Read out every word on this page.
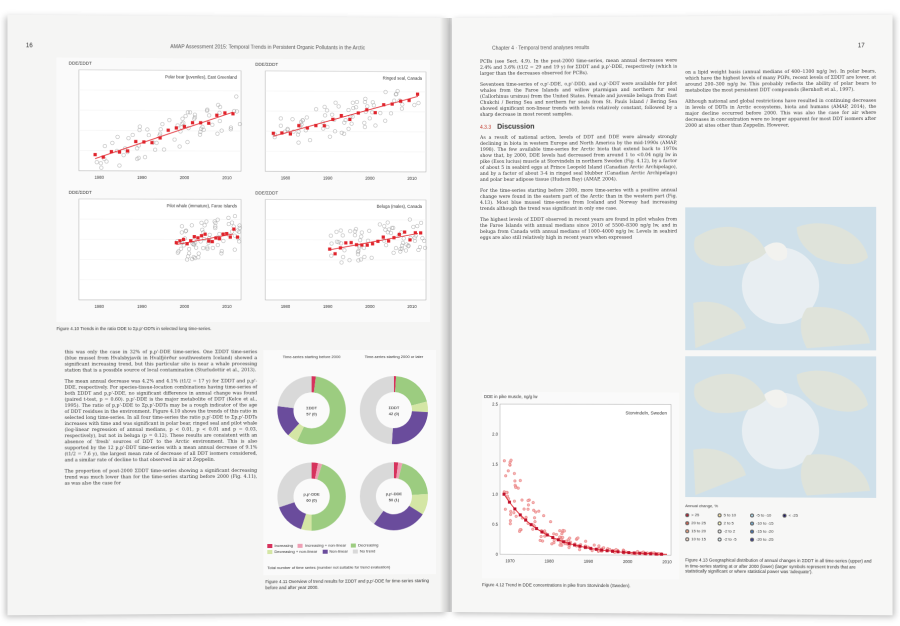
16	AMAP Assessment 2015: Temporal Trends in Persistent Organic Pollutants in the Arctic
DDE/ΣDDT
Polar bear (juveniles), East Greenland
1980	1990	2000	2010
DDE/ΣDDT
Ringed seal, Canada
1980	1990	2000	2010
DDE/ΣDDT
Pilot whale (immature), Faroe Islands
1980	1990	2000	2010
DDE/ΣDDT
Beluga (males), Canada
1980	1990	2000	2010
Figure 4.10 Trends in the ratio DDE to Σp,p'-DDTs in selected long time-series.

this was only the case in 32% of p,p'-DDE time-series. One ΣDDT time-series (blue mussel from Hvalsbyjavik in Hvalfjörður southwestern Iceland) showed a significant increasing trend, but this particular site is near a whale processing station that is a possible source of local contamination (Sturludottir et al., 2013).

The mean annual decrease was 4.2% and 4.1% (t1/2 = 17 y) for ΣDDT and p,p'-DDE, respectively. For species-tissue-location combinations having time-series of both ΣDDT and p,p'-DDE, no significant difference in annual change was found (paired t-test, p = 0.60). p,p'-DDE is the major metabolite of DDT (Kelce et al., 1995). The ratio of p,p'-DDE to Σp,p'-DDTs may be a rough indicator of the age of DDT residues in the environment. Figure 4.10 shows the trends of this ratio in selected long time-series. In all four time-series the ratio p,p'-DDE to Σp,p'-DDTs increases with time and was significant in polar bear, ringed seal and pilot whale (log-linear regression of annual medians, p < 0.01, p < 0.01 and p = 0.03, respectively), but not in beluga (p = 0.12). These results are consistent with an absence of 'fresh' sources of DDT to the Arctic environment. This is also supported by the 12 p,p'-DDT time-series with a mean annual decrease of 9.1% (t1/2 = 7.6 y), the largest mean rate of decrease of all DDT isomers considered, and a similar rate of decline to that observed in air at Zeppelin.

The proportion of post-2000 ΣDDT time-series showing a significant decreasing trend was much lower than for the time-series starting before 2000 (Fig. 4.11), as was also the case for

Time-series starting before 2000	Time-series starting 2000 or later
ΣDDT
57 (0)
ΣDDT
42 (0)
p,p'-DDE
60 (0)
p,p'-DDE
50 (1)
Increasing	Increasing + non-linear	DecreasingDecreasing + non-linear	Non-linear	No trend
Total number of time series (number not suitable for trend evaluation)
Figure 4.11 Overview of trend results for ΣDDT and p,p'-DDE for time-series starting before and after year 2000.
Chapter 4 · Temporal trend analyses results	17

PCBs (see Sect. 4.9). In the post-2000 time-series, mean annual decreases were 2.4% and 3.6% (t1/2 = 29 and 19 y) for ΣDDT and p,p'-DDE, respectively (which is larger than the decreases observed for PCBs).

Seventeen time-series of o,p'-DDE, o,p'-DDD, and o,p'-DDT were available for pilot whales from the Faroe Islands and willow ptarmigan and northern fur seal (Callorhinus ursinus) from the United States. Female and juvenile beluga from East Chukchi / Bering Sea and northern fur seals from St. Pauls Island / Bering Sea showed significant non-linear trends with levels relatively constant, followed by a sharp decrease in most recent samples.

4.3.3 Discussion

As a result of national action, levels of DDT and DDE were already strongly declining in biota in western Europe and North America by the mid-1990s (AMAP, 1998). The few available time-series for Arctic biota that extend back to 1970s show that, by 2000, DDE levels had decreased from around 1 to <0.04 ng/g lw in pike (Esox lucius) muscle at Storvindeln in northern Sweden (Fig. 4.12), by a factor of about 5 in seabird eggs at Prince Leopold Island (Canadian Arctic Archipelago), and by a factor of about 3-4 in ringed seal blubber (Canadian Arctic Archipelago) and polar bear adipose tissue (Hudson Bay) (AMAP, 2004).

For the time-series starting before 2000, more time-series with a positive annual change were found in the eastern part of the Arctic than in the western part (Fig. 4.13). Most blue mussel time-series from Iceland and Norway had increasing trends although the trend was significant in only one case.

The highest levels of ΣDDT observed in recent years are found in pilot whales from the Faroe Islands with annual medians since 2010 of 5500–8300 ng/g lw, and in beluga from Canada with annual medians of 1000–4000 ng/g lw. Levels in seabird eggs are also still relatively high in recent years when expressed

on a lipid weight basis (annual medians of 400–1300 ng/g lw). In polar bears, which have the highest levels of many POPs, recent levels of ΣDDT are lower, at around 200–300 ng/g lw. This probably reflects the ability of polar bears to metabolize the most persistent DDT compounds (Bernhoft et al., 1997).

Although national and global restrictions have resulted in continuing decreases in levels of DDTs in Arctic ecosystems, biota and humans (AMAP, 2014), the major decline occurred before 2000. This was also the case for air where decreases in concentration were no longer apparent for most DDT isomers after 2000 at sites other than Zeppelin. However,

DDE in pike muscle, ng/g lw
Storvindeln, Sweden
2.5
2.0
1.5
1.0
0.5
0
1970	1980	1990	2000	2010
Figure 4.12 Trend in DDE concentrations in pike from Storvindeln (Sweden).
Annual change, %
> 25	5 to 10	-5 to -10	< -25
20 to 25	2 to 5	-10 to -15
15 to 20	-2 to 2	-15 to -20
10 to 15	-2 to -5	-20 to -25
Figure 4.13 Geographical distribution of annual changes in ΣDDT in all time-series (upper) and in time-series starting at or after 2000 (lower) (larger symbols represent trends that are statistically significant or where statistical power was 'adequate').
